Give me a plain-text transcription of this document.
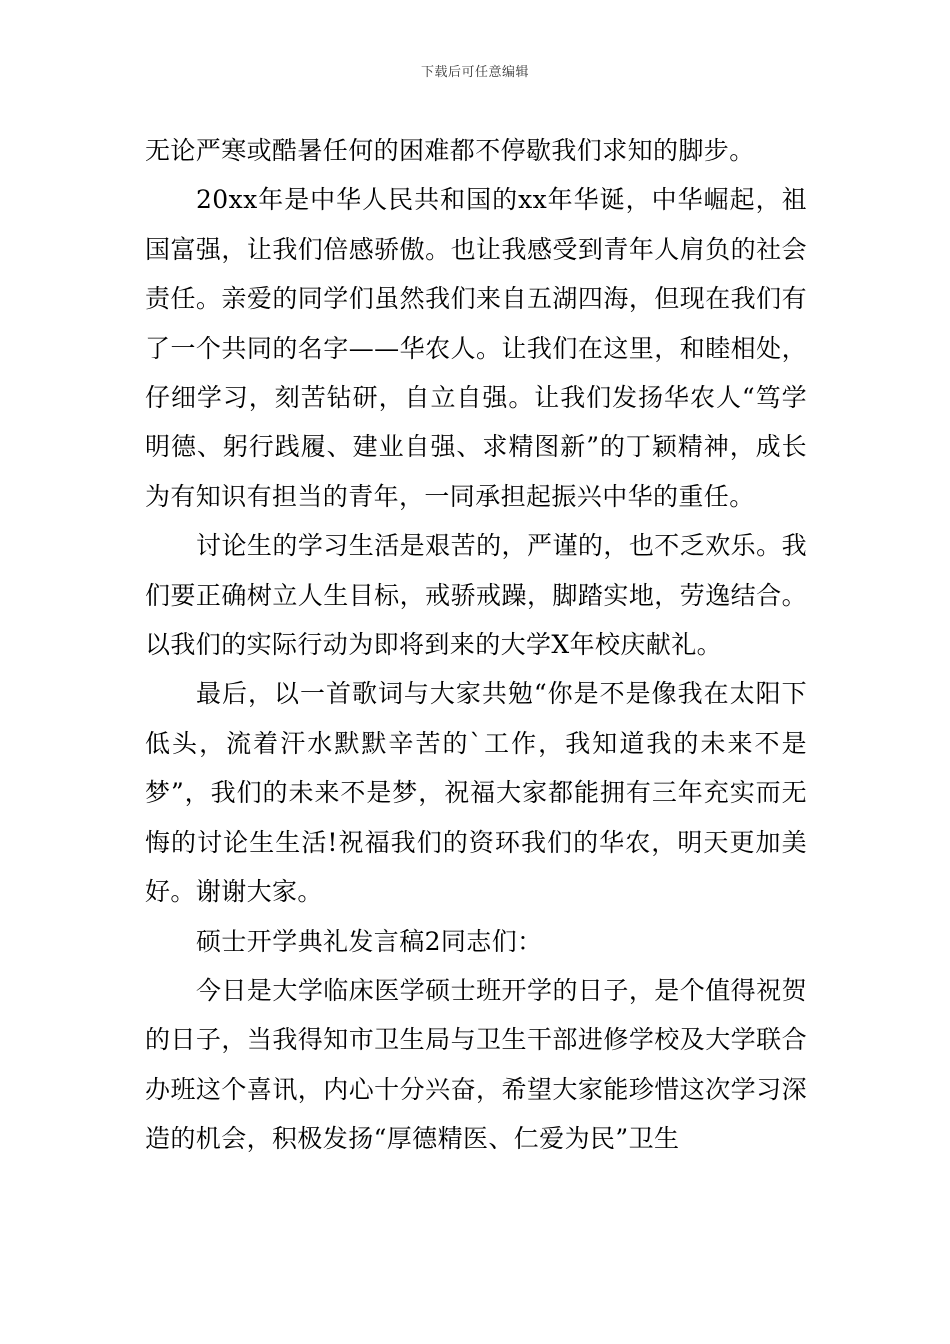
下载后可任意编辑

无论严寒或酷暑任何的困难都不停歇我们求知的脚步。

20xx年是中华人民共和国的xx年华诞，中华崛起，祖国富强，让我们倍感骄傲。也让我感受到青年人肩负的社会责任。亲爱的同学们虽然我们来自五湖四海，但现在我们有了一个共同的名字——华农人。让我们在这里，和睦相处，仔细学习，刻苦钻研，自立自强。让我们发扬华农人“笃学明德、躬行践履、建业自强、求精图新”的丁颖精神，成长为有知识有担当的青年，一同承担起振兴中华的重任。

讨论生的学习生活是艰苦的，严谨的，也不乏欢乐。我们要正确树立人生目标，戒骄戒躁，脚踏实地，劳逸结合。以我们的实际行动为即将到来的大学X年校庆献礼。

最后，以一首歌词与大家共勉“你是不是像我在太阳下低头，流着汗水默默辛苦的`工作，我知道我的未来不是梦”，我们的未来不是梦，祝福大家都能拥有三年充实而无悔的讨论生生活!祝福我们的资环我们的华农，明天更加美好。谢谢大家。

硕士开学典礼发言稿2同志们：

今日是大学临床医学硕士班开学的日子，是个值得祝贺的日子，当我得知市卫生局与卫生干部进修学校及大学联合办班这个喜讯，内心十分兴奋，希望大家能珍惜这次学习深造的机会，积极发扬“厚德精医、仁爱为民”卫生
